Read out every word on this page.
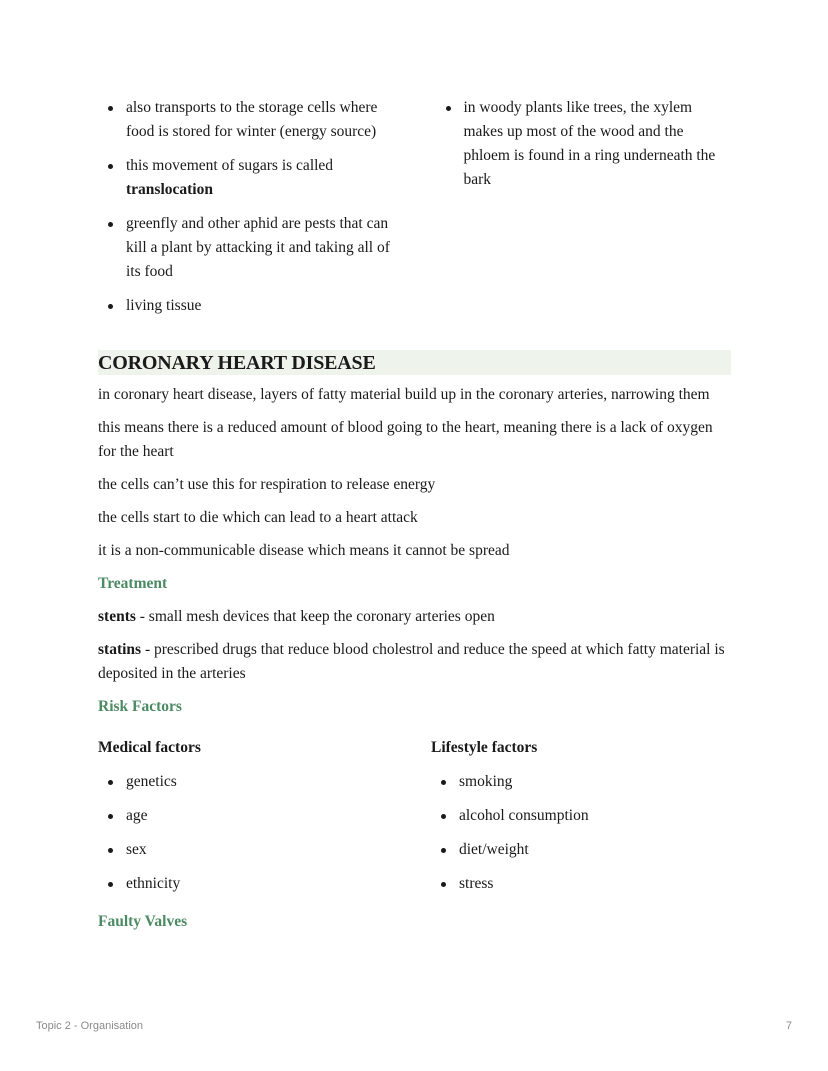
also transports to the storage cells where food is stored for winter (energy source)
this movement of sugars is called translocation
greenfly and other aphid are pests that can kill a plant by attacking it and taking all of its food
living tissue
in woody plants like trees, the xylem makes up most of the wood and the phloem is found in a ring underneath the bark
CORONARY HEART DISEASE

in coronary heart disease, layers of fatty material build up in the coronary arteries, narrowing them

this means there is a reduced amount of blood going to the heart, meaning there is a lack of oxygen for the heart

the cells can’t use this for respiration to release energy

the cells start to die which can lead to a heart attack

it is a non-communicable disease which means it cannot be spread

Treatment

stents - small mesh devices that keep the coronary arteries open

statins - prescribed drugs that reduce blood cholestrol and reduce the speed at which fatty material is deposited in the arteries

Risk Factors
Medical factors
genetics
age
sex
ethnicity
Lifestyle factors
smoking
alcohol consumption
diet/weight
stress
Faulty Valves
Topic 2 - Organisation	7
